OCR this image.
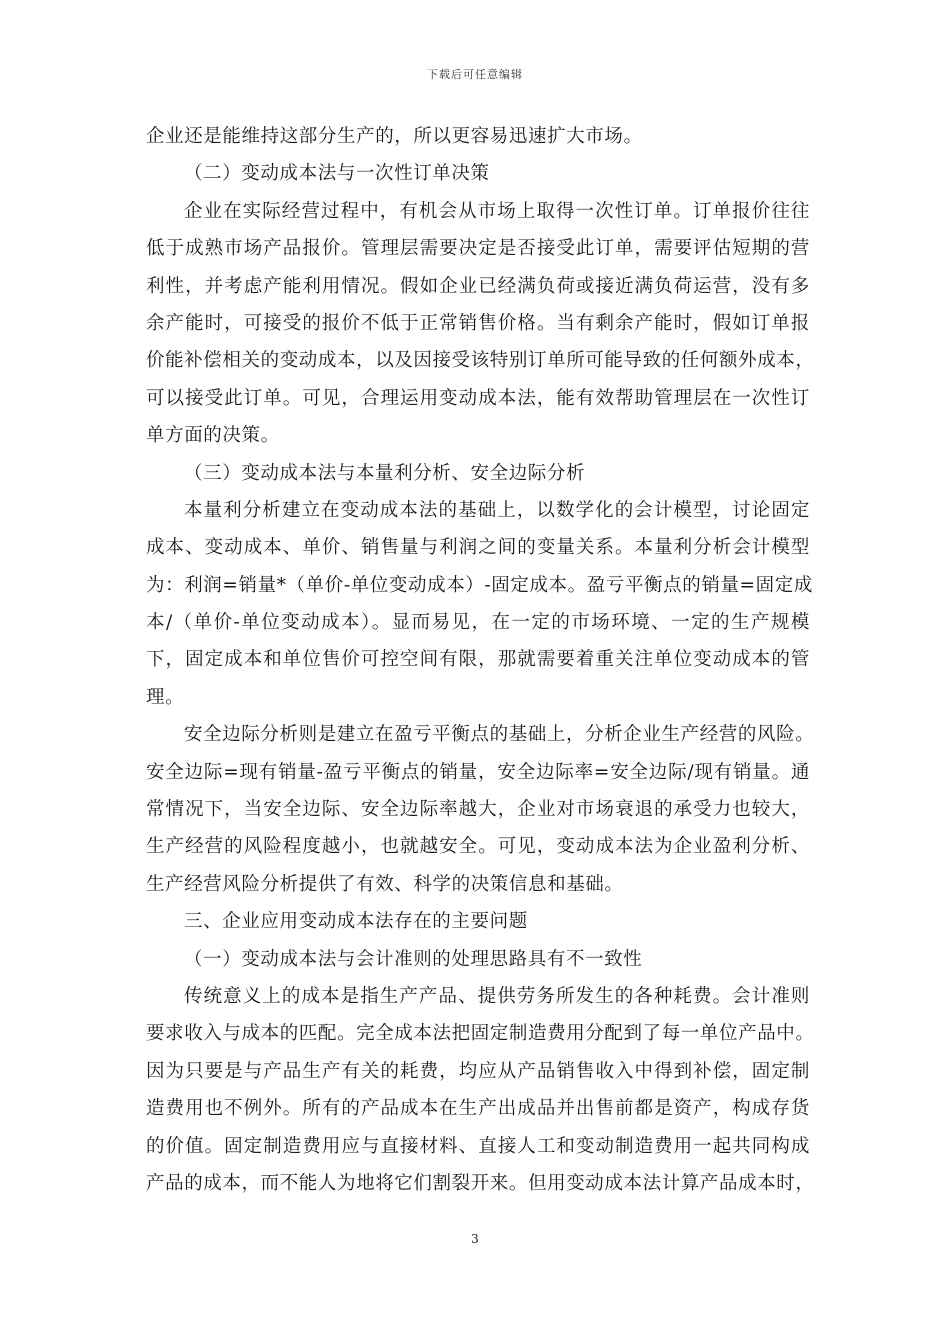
下载后可任意编辑
企业还是能维持这部分生产的，所以更容易迅速扩大市场。
（二）变动成本法与一次性订单决策
企业在实际经营过程中，有机会从市场上取得一次性订单。订单报价往往
低于成熟市场产品报价。管理层需要决定是否接受此订单，需要评估短期的营
利性，并考虑产能利用情况。假如企业已经满负荷或接近满负荷运营，没有多
余产能时，可接受的报价不低于正常销售价格。当有剩余产能时，假如订单报
价能补偿相关的变动成本，以及因接受该特别订单所可能导致的任何额外成本，
可以接受此订单。可见，合理运用变动成本法，能有效帮助管理层在一次性订
单方面的决策。
（三）变动成本法与本量利分析、安全边际分析
本量利分析建立在变动成本法的基础上，以数学化的会计模型，讨论固定
成本、变动成本、单价、销售量与利润之间的变量关系。本量利分析会计模型
为：利润=销量*（单价-单位变动成本）-固定成本。盈亏平衡点的销量=固定成
本/（单价-单位变动成本）。显而易见，在一定的市场环境、一定的生产规模
下，固定成本和单位售价可控空间有限，那就需要着重关注单位变动成本的管
理。
安全边际分析则是建立在盈亏平衡点的基础上，分析企业生产经营的风险。
安全边际=现有销量-盈亏平衡点的销量，安全边际率=安全边际/现有销量。通
常情况下，当安全边际、安全边际率越大，企业对市场衰退的承受力也较大，
生产经营的风险程度越小，也就越安全。可见，变动成本法为企业盈利分析、
生产经营风险分析提供了有效、科学的决策信息和基础。
三、企业应用变动成本法存在的主要问题
（一）变动成本法与会计准则的处理思路具有不一致性
传统意义上的成本是指生产产品、提供劳务所发生的各种耗费。会计准则
要求收入与成本的匹配。完全成本法把固定制造费用分配到了每一单位产品中。
因为只要是与产品生产有关的耗费，均应从产品销售收入中得到补偿，固定制
造费用也不例外。所有的产品成本在生产出成品并出售前都是资产，构成存货
的价值。固定制造费用应与直接材料、直接人工和变动制造费用一起共同构成
产品的成本，而不能人为地将它们割裂开来。但用变动成本法计算产品成本时，
3
